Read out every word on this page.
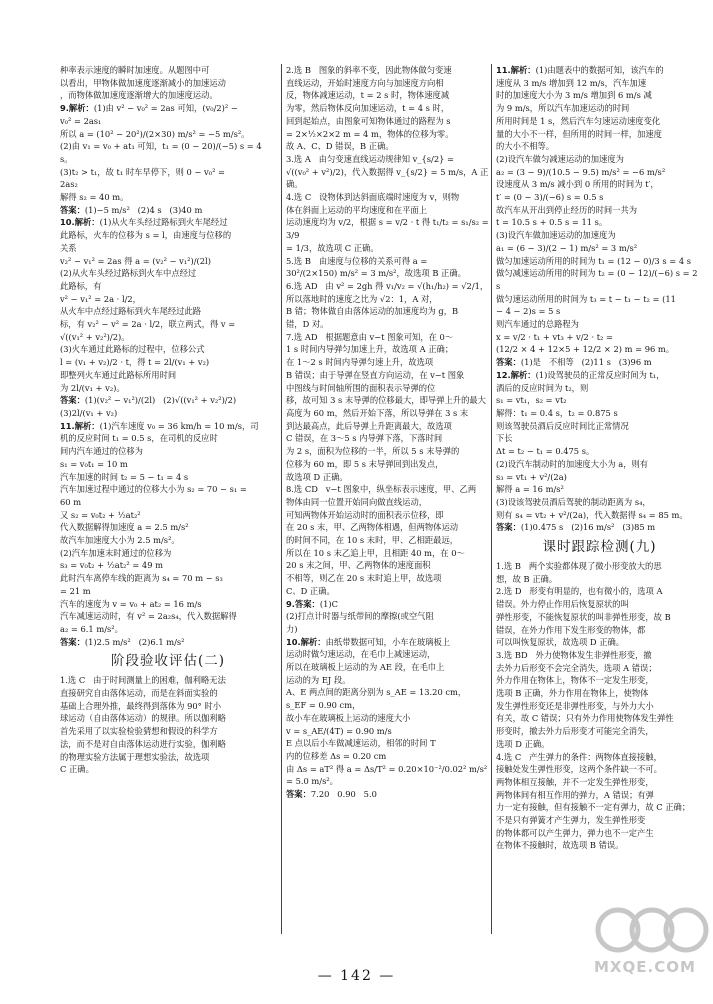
种率表示速度的瞬时加速度。从题图中可
以看出，甲物体做加速度逐渐减小的加速运动
，而物体做加速度逐渐增大的加速度运动。
9.解析：(1)由 v² − v₀² = 2as 可知，(v₀/2)² −
v₀² = 2as₁
所以 a = (10² − 20²)/(2×30) m/s² = −5 m/s²。
(2)由 v₁ = v₀ + at₁ 可知，t₁ = (0 − 20)/(−5) s = 4 s。
(3)t₂ > t₁，故 t₁ 时车早停下，则 0 − v₀² =
2as₂
解得 s₂ = 40 m。
答案：(1)−5 m/s²   (2)4 s   (3)40 m
10.解析：(1)从火车头经过路标到火车尾经过
此路标，火车的位移为 s = l，由速度与位移的
关系
v₂² − v₁² = 2as 得 a = (v₂² − v₁²)/(2l)
(2)从火车头经过路标到火车中点经过
此路标，有
v² − v₁² = 2a · l/2，
从火车中点经过路标到火车尾经过此路
标，有 v₂² − v² = 2a · l/2，联立两式，得 v =
√((v₁² + v₂²)/2)。
(3)火车通过此路标的过程中，位移公式
l = (v₁ + v₂)/2 · t，得 t = 2l/(v₁ + v₂)
即整列火车通过此路标所用时间
为 2l/(v₁ + v₂)。
答案：(1)(v₂² − v₁²)/(2l)   (2)√((v₁² + v₂²)/2)
(3)2l/(v₁ + v₂)
11.解析：(1)汽车速度 v₀ = 36 km/h = 10 m/s，司
机的反应时间 t₁ = 0.5 s，在司机的反应时
间内汽车通过的位移为
s₁ = v₀t₁ = 10 m
汽车加速的时间 t₂ = 5 − t₁ = 4 s
汽车加速过程中通过的位移大小为 s₂ = 70 − s₁ =
60 m
又 s₂ = v₀t₂ + ½at₂²
代入数据解得加速度 a = 2.5 m/s²
故汽车加速度大小为 2.5 m/s²。
(2)汽车加速末时通过的位移为
s₃ = v₀t₂ + ½at₂² = 49 m
此时汽车离停车线的距离为 s₄ = 70 m − s₃
= 21 m
汽车的速度为 v = v₀ + at₂ = 16 m/s
汽车减速运动时，有 v² = 2a₂s₄，代入数据解得
a₂ = 6.1 m/s²。
答案：(1)2.5 m/s²   (2)6.1 m/s²
阶段验收评估(二)
1.选 C   由于时间测量上的困难，伽利略无法
直接研究自由落体运动，而是在斜面实验的
基础上合理外推，最终得到落体为 90° 时小
球运动（自由落体运动）的规律。所以伽利略
首先采用了以实验检验猜想和假设的科学方
法，而不是对自由落体运动进行实验，伽利略
的物理实验方法属于理想实验法，故选项
C 正确。
2.选 B   图象的斜率不变，因此物体做匀变速
直线运动，开始时速度方向与加速度方向相
反，物体减速运动，t = 2 s 时，物体速度减
为零，然后物体反向加速运动，t = 4 s 时，
回到起始点，由图象可知物体通过的路程为 s
= 2×½×2×2 m = 4 m，物体的位移为零。
故 A、C、D 错误，B 正确。
3.选 A   由匀变速直线运动规律知 v_{s/2} =
√((v₀² + v²)/2)，代入数据得 v_{s/2} = 5 m/s，A 正确。
4.选 C   设物体到达斜面底端时速度为 v，则物
体在斜面上运动的平均速度和在平面上
运动速度均为 v/2，根据 s = v/2 · t 得 t₁/t₂ = s₁/s₂ = 3/9
= 1/3，故选项 C 正确。
5.选 B   由速度与位移的关系可得 a =
30²/(2×150) m/s² = 3 m/s²，故选项 B 正确。
6.选 AD   由 v² = 2gh 得 v₁/v₂ = √(h₁/h₂) = √2/1，
所以落地时的速度之比为 √2：1，A 对，
B 错；物体做自由落体运动的加速度均为 g，B
错，D 对。
7.选 AD   根据题意由 v−t 图象可知，在 0～
1 s 时间内导弹匀加速上升，故选项 A 正确；
在 1～2 s 时间内导弹匀速上升，故选项
B 错误；由于导弹在竖直方向运动，在 v−t 图象
中图线与时间轴所围的面积表示导弹的位
移，故可知 3 s 末导弹的位移最大，即导弹上升的最大
高度为 60 m，然后开始下落，所以导弹在 3 s 末
到达最高点，此后导弹上升距离最大，故选项
C 错误，在 3～5 s 内导弹下落，下落时间
为 2 s，面积为位移的一半，所以 5 s 末导弹的
位移为 60 m，即 5 s 末导弹回到出发点，
故选项 D 正确。
8.选 CD   v−t 图象中，纵坐标表示速度，甲、乙两
物体由同一位置开始同向做直线运动，
可知两物体开始运动时的面积表示位移，即
在 20 s 末，甲、乙两物体相遇，但两物体运动
的时间不同，在 10 s 末时，甲、乙相距最远，
所以在 10 s 末乙追上甲，且相距 40 m，在 0～
20 s 末之间，甲、乙两物体的速度面积
不相等，则乙在 20 s 末时追上甲，故选项
C、D 正确。
9.答案：(1)C
(2)打点计时器与纸带间的摩擦(或空气阻
力)
10.解析：由纸带数据可知，小车在玻璃板上
运动时做匀速运动，在毛巾上减速运动，
所以在玻璃板上运动的为 AE 段，在毛巾上
运动的为 EJ 段。
A、E 两点间的距离分别为 s_AE = 13.20 cm，
s_EF = 0.90 cm，
故小车在玻璃板上运动的速度大小
v = s_AE/(4T) = 0.90 m/s
E 点以后小车做减速运动，相邻的时间 T
内的位移差 Δs = 0.20 cm
由 Δs = aT² 得 a = Δs/T² = 0.20×10⁻²/0.02² m/s²
= 5.0 m/s²。
答案：7.20   0.90   5.0
11.解析：(1)由题表中的数据可知，该汽车的
速度从 3 m/s 增加到 12 m/s，汽车加速
时的加速度大小为 3 m/s 增加到 6 m/s 减
为 9 m/s，所以汽车加速运动的时间
所用时间是 1 s，然后汽车匀速运动速度变化
量的大小不一样，但所用的时间一样，加速度
的大小不相等。
(2)设汽车做匀减速运动的加速度为
a₂ = (3 − 9)/(10.5 − 9.5) m/s² = −6 m/s²
设速度从 3 m/s 减小到 0 所用的时间为 t′，
t′ = (0 − 3)/(−6) s = 0.5 s
故汽车从开出到停止经历的时间一共为
t = 10.5 s + 0.5 s = 11 s。
(3)设汽车做加速运动的加速度为
a₁ = (6 − 3)/(2 − 1) m/s² = 3 m/s²
做匀加速运动所用的时间为 t₁ = (12 − 0)/3 s = 4 s
做匀减速运动所用的时间为 t₂ = (0 − 12)/(−6) s = 2 s
做匀速运动所用的时间为 t₃ = t − t₁ − t₂ = (11
− 4 − 2)s = 5 s
则汽车通过的总路程为
x = v/2 · t₁ + vt₃ + v/2 · t₂ =
(12/2 × 4 + 12×5 + 12/2 × 2) m = 96 m。
答案：(1)是   不相等   (2)11 s   (3)96 m
12.解析：(1)设驾驶员的正常反应时间为 t₁，
酒后的反应时间为 t₂，则
s₁ = vt₁，s₂ = vt₂
解得：t₁ = 0.4 s，t₂ = 0.875 s
则该驾驶员酒后反应时间比正常情况
下长
Δt = t₂ − t₁ = 0.475 s。
(2)设汽车制动时的加速度大小为 a，则有
s₃ = vt₁ + v²/(2a)
解得 a = 16 m/s²
(3)设该驾驶员酒后驾驶的制动距离为 s₄，
则有 s₄ = vt₂ + v²/(2a)，代入数据得 s₄ = 85 m。
答案：(1)0.475 s   (2)16 m/s²   (3)85 m
课时跟踪检测(九)
1.选 B   两个实验都体现了微小形变放大的思
想，故 B 正确。
2.选 D   形变有明显的，也有微小的，选项 A
错误。外力停止作用后恢复原状的叫
弹性形变，不能恢复原状的叫非弹性形变，故 B
错误，在外力作用下发生形变的物体，都
可以叫恢复原状，故选项 D 正确。
3.选 BD   外力使物体发生非弹性形变，撤
去外力后形变不会完全消失，选项 A 错误；
外力作用在物体上，物体不一定发生形变，
选项 B 正确，外力作用在物体上，使物体
发生弹性形变还是非弹性形变，与外力大小
有关，故 C 错误；只有外力作用使物体发生弹性
形变时，撤去外力后形变才可能完全消失，
选项 D 正确。
4.选 C   产生弹力的条件：两物体直接接触，
接触处发生弹性形变，这两个条件缺一不可。
两物体相互接触，并不一定发生弹性形变，
两物体间有相互作用的弹力，A 错误；有弹
力一定有接触，但有接触不一定有弹力，故 C 正确；
不是只有弹簧才产生弹力，发生弹性形变
的物体都可以产生弹力，弹力也不一定产生
在物体不接触时，故选项 B 错误。
— 142 —	MXQE.COM
